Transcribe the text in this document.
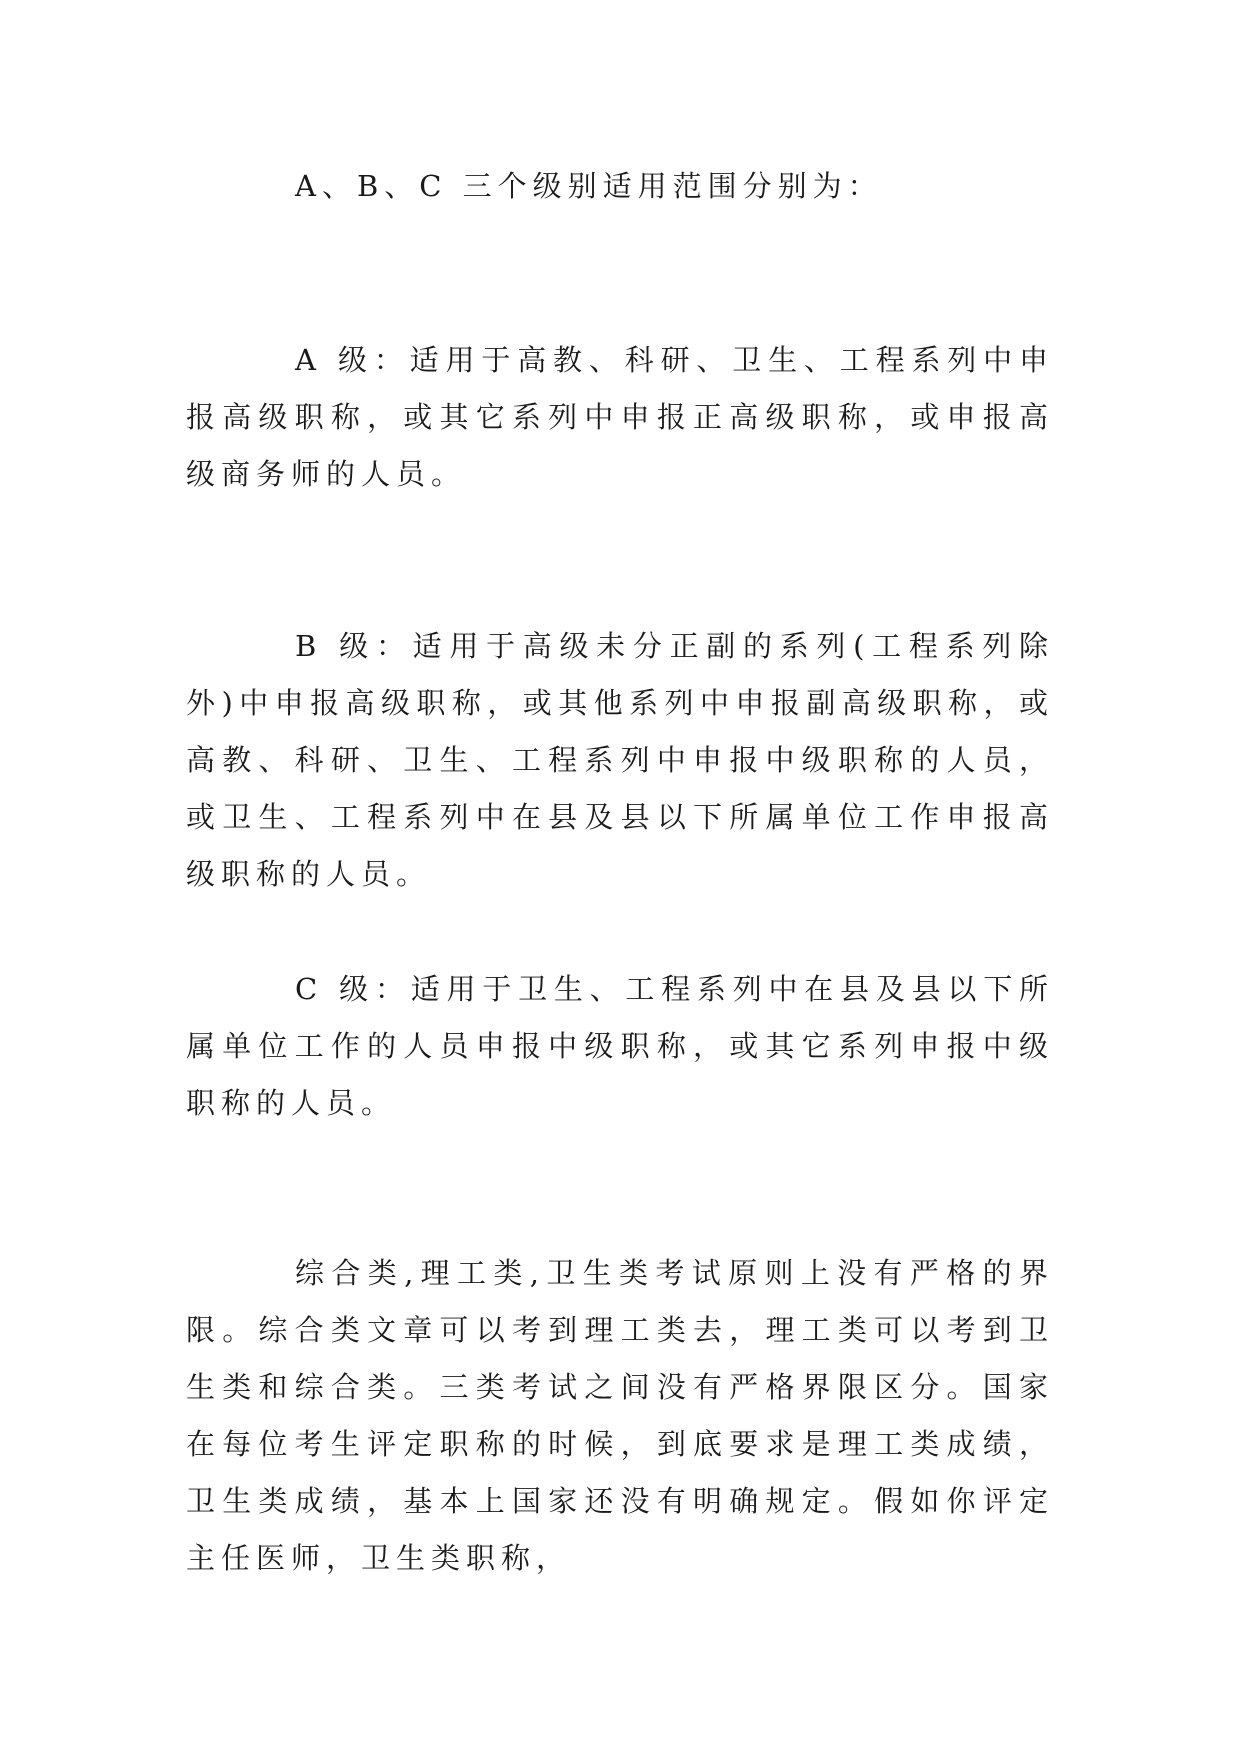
A、B、C 三个级别适用范围分别为：

A 级：适用于高教、科研、卫生、工程系列中申报高级职称，或其它系列中申报正高级职称，或申报高级商务师的人员。

B 级：适用于高级未分正副的系列(工程系列除外)中申报高级职称，或其他系列中申报副高级职称，或高教、科研、卫生、工程系列中申报中级职称的人员，或卫生、工程系列中在县及县以下所属单位工作申报高级职称的人员。

C 级：适用于卫生、工程系列中在县及县以下所属单位工作的人员申报中级职称，或其它系列申报中级职称的人员。

综合类,理工类,卫生类考试原则上没有严格的界限。综合类文章可以考到理工类去，理工类可以考到卫生类和综合类。三类考试之间没有严格界限区分。国家在每位考生评定职称的时候，到底要求是理工类成绩，卫生类成绩，基本上国家还没有明确规定。假如你评定主任医师，卫生类职称，
